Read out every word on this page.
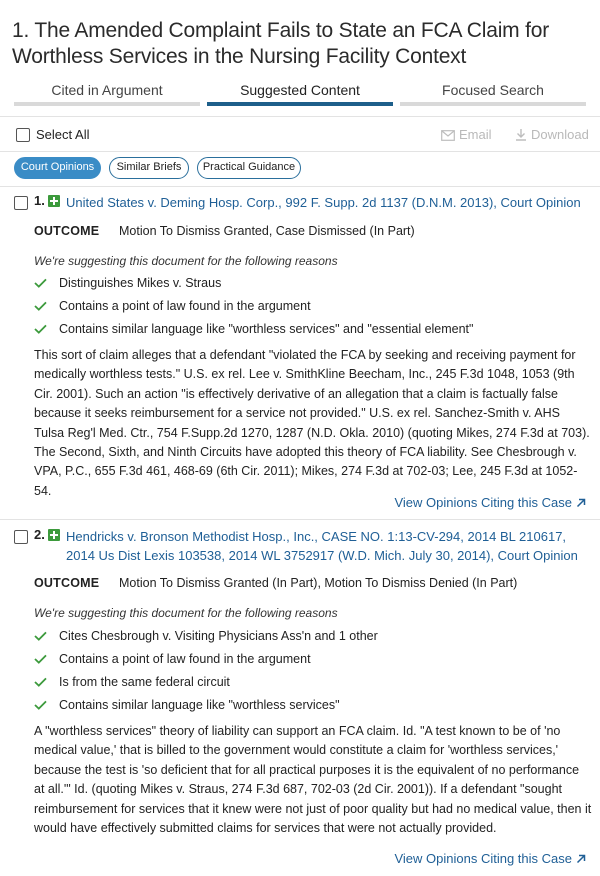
1. The Amended Complaint Fails to State an FCA Claim for Worthless Services in the Nursing Facility Context
Cited in Argument	Suggested Content	Focused Search
Select All	Email	Download
Court Opinions	Similar Briefs	Practical Guidance
1. United States v. Deming Hosp. Corp., 992 F. Supp. 2d 1137 (D.N.M. 2013), Court Opinion
OUTCOME Motion To Dismiss Granted, Case Dismissed (In Part)
We're suggesting this document for the following reasons
Distinguishes Mikes v. Straus
Contains a point of law found in the argument
Contains similar language like "worthless services" and "essential element"
This sort of claim alleges that a defendant "violated the FCA by seeking and receiving payment for medically worthless tests." U.S. ex rel. Lee v. SmithKline Beecham, Inc., 245 F.3d 1048, 1053 (9th Cir. 2001). Such an action "is effectively derivative of an allegation that a claim is factually false because it seeks reimbursement for a service not provided." U.S. ex rel. Sanchez-Smith v. AHS Tulsa Reg'l Med. Ctr., 754 F.Supp.2d 1270, 1287 (N.D. Okla. 2010) (quoting Mikes, 274 F.3d at 703). The Second, Sixth, and Ninth Circuits have adopted this theory of FCA liability. See Chesbrough v. VPA, P.C., 655 F.3d 461, 468-69 (6th Cir. 2011); Mikes, 274 F.3d at 702-03; Lee, 245 F.3d at 1052-54.
View Opinions Citing this Case
2. Hendricks v. Bronson Methodist Hosp., Inc., CASE NO. 1:13-CV-294, 2014 BL 210617, 2014 Us Dist Lexis 103538, 2014 WL 3752917 (W.D. Mich. July 30, 2014), Court Opinion
OUTCOME Motion To Dismiss Granted (In Part), Motion To Dismiss Denied (In Part)
We're suggesting this document for the following reasons
Cites Chesbrough v. Visiting Physicians Ass'n and 1 other
Contains a point of law found in the argument
Is from the same federal circuit
Contains similar language like "worthless services"
A "worthless services" theory of liability can support an FCA claim. Id. "A test known to be of 'no medical value,' that is billed to the government would constitute a claim for 'worthless services,' because the test is 'so deficient that for all practical purposes it is the equivalent of no performance at all.'" Id. (quoting Mikes v. Straus, 274 F.3d 687, 702-03 (2d Cir. 2001)). If a defendant "sought reimbursement for services that it knew were not just of poor quality but had no medical value, then it would have effectively submitted claims for services that were not actually provided.
View Opinions Citing this Case
